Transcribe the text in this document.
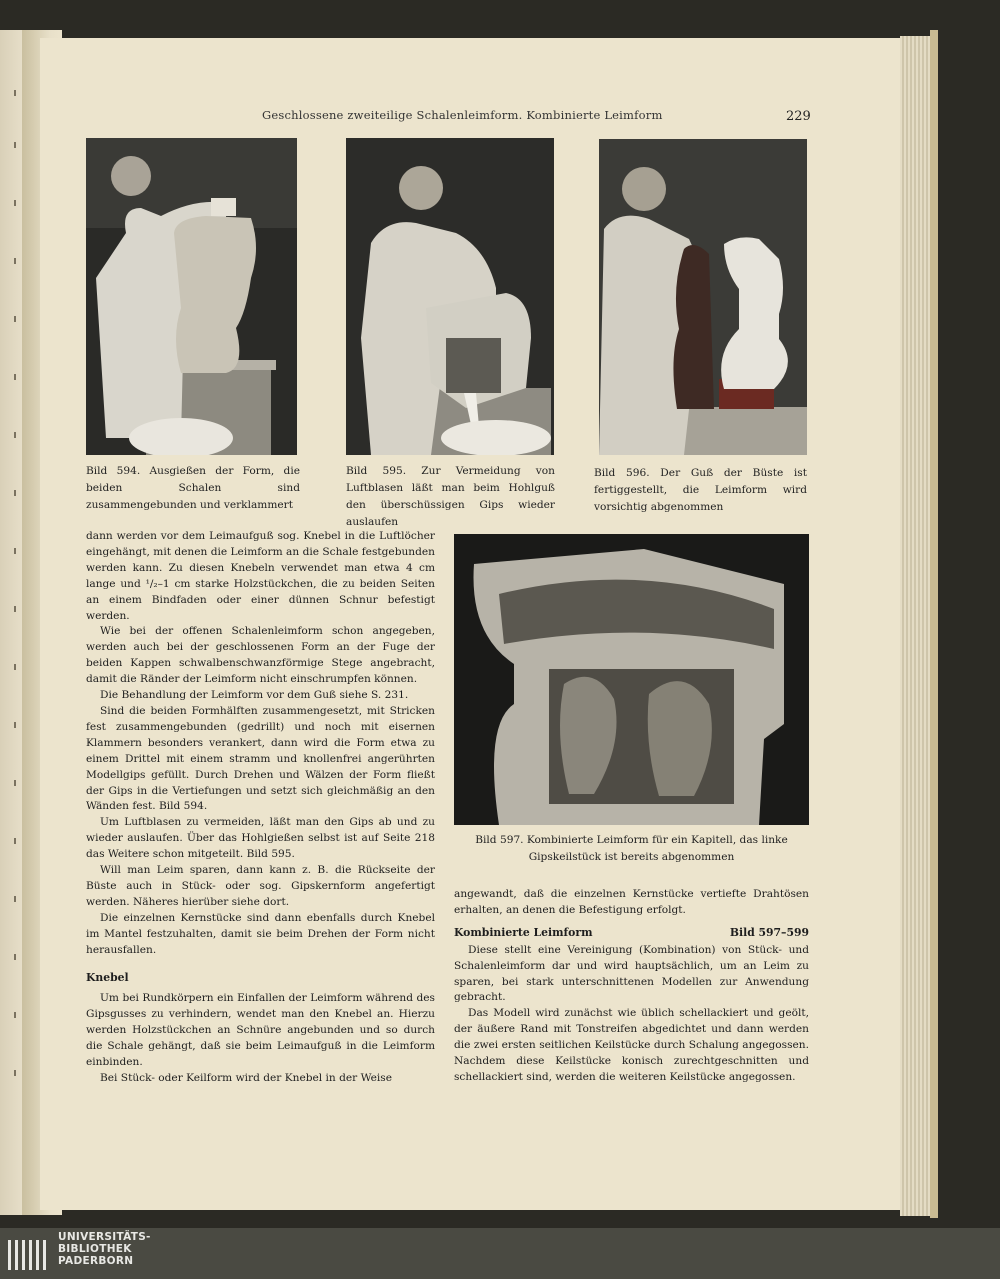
Geschlossene zweiteilige Schalenleimform. Kombinierte Leimform	229
Bild 594. Ausgießen der Form, die beiden Schalen sind zusammengebunden und verklammert
Bild 595. Zur Vermeidung von Luftblasen läßt man beim Hohlguß den überschüssigen Gips wieder auslaufen
Bild 596. Der Guß der Büste ist fertiggestellt, die Leimform wird vorsichtig abgenommen
Bild 597. Kombinierte Leimform für ein Kapitell, das linke Gipskeilstück ist bereits abgenommen

dann werden vor dem Leimaufguß sog. Knebel in die Luftlöcher eingehängt, mit denen die Leimform an die Schale festgebunden werden kann. Zu diesen Knebeln verwendet man etwa 4 cm lange und ¹/₂–1 cm starke Holzstückchen, die zu beiden Seiten an einem Bindfaden oder einer dünnen Schnur befestigt werden.

Wie bei der offenen Schalenleimform schon angegeben, werden auch bei der geschlossenen Form an der Fuge der beiden Kappen schwalbenschwanzförmige Stege angebracht, damit die Ränder der Leimform nicht einschrumpfen können.

Die Behandlung der Leimform vor dem Guß siehe S. 231.

Sind die beiden Formhälften zusammengesetzt, mit Stricken fest zusammengebunden (gedrillt) und noch mit eisernen Klammern besonders verankert, dann wird die Form etwa zu einem Drittel mit einem stramm und knollenfrei angerührten Modellgips gefüllt. Durch Drehen und Wälzen der Form fließt der Gips in die Vertiefungen und setzt sich gleichmäßig an den Wänden fest. Bild 594.

Um Luftblasen zu vermeiden, läßt man den Gips ab und zu wieder auslaufen. Über das Hohlgießen selbst ist auf Seite 218 das Weitere schon mitgeteilt. Bild 595.

Will man Leim sparen, dann kann z. B. die Rückseite der Büste auch in Stück- oder sog. Gipskernform angefertigt werden. Näheres hierüber siehe dort.

Die einzelnen Kernstücke sind dann ebenfalls durch Knebel im Mantel festzuhalten, damit sie beim Drehen der Form nicht herausfallen.

Knebel

Um bei Rundkörpern ein Einfallen der Leimform während des Gipsgusses zu verhindern, wendet man den Knebel an. Hierzu werden Holzstückchen an Schnüre angebunden und so durch die Schale gehängt, daß sie beim Leimaufguß in die Leimform einbinden.

Bei Stück- oder Keilform wird der Knebel in der Weise

angewandt, daß die einzelnen Kernstücke vertiefte Drahtösen erhalten, an denen die Befestigung erfolgt.

Kombinierte Leimform	Bild 597–599

Diese stellt eine Vereinigung (Kombination) von Stück- und Schalenleimform dar und wird hauptsächlich, um an Leim zu sparen, bei stark unterschnittenen Modellen zur Anwendung gebracht.

Das Modell wird zunächst wie üblich schellackiert und geölt, der äußere Rand mit Tonstreifen abgedichtet und dann werden die zwei ersten seitlichen Keilstücke durch Schalung angegossen. Nachdem diese Keilstücke konisch zurechtgeschnitten und schellackiert sind, werden die weiteren Keilstücke angegossen.

UNIVERSITÄTS-
BIBLIOTHEK
PADERBORN
